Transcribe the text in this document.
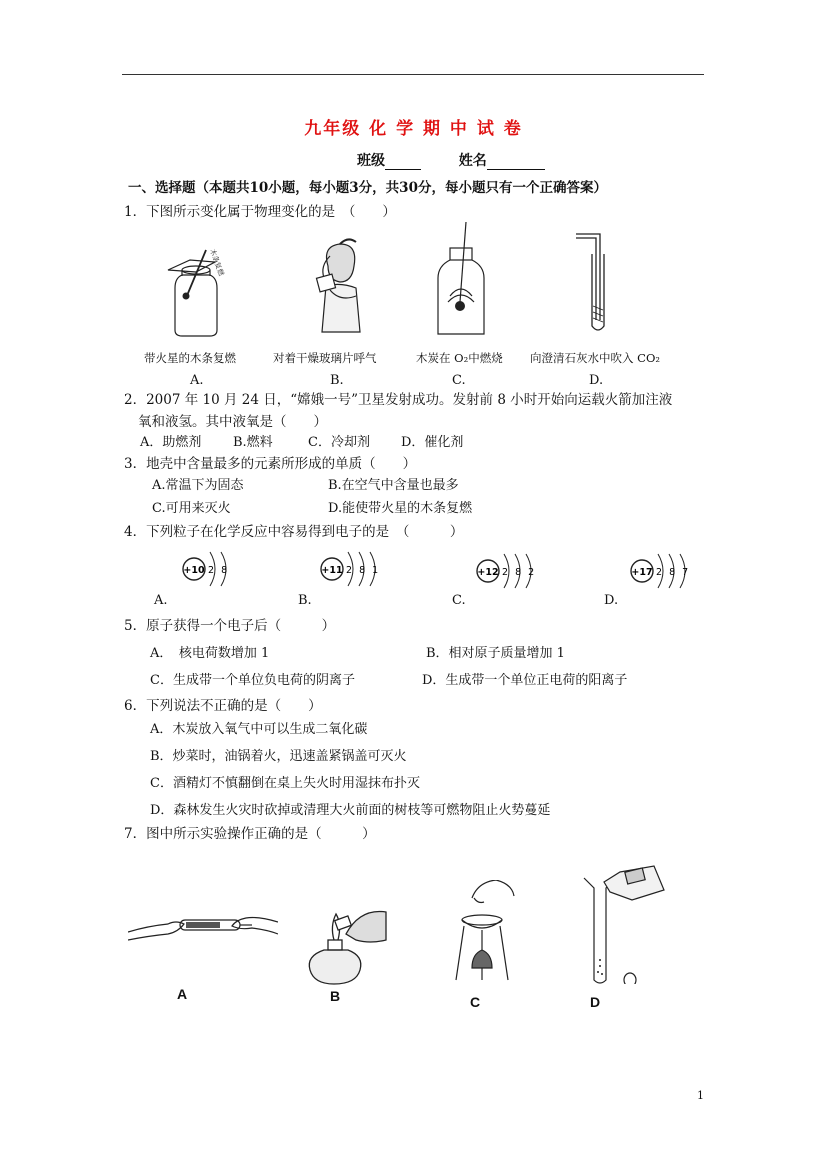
九年级 化 学 期 中 试 卷
班级	姓名
一、选择题（本题共10小题，每小题3分，共30分，每小题只有一个正确答案）
1．下图所示变化属于物理变化的是　（　　）
木条复燃
带火星的木条复燃	对着干燥玻璃片呼气	木炭在 O₂中燃烧 向澄清石灰水中吹入 CO₂
A.	B.	C.	D.
2．2007 年 10 月 24 日，“嫦娥一号”卫星发射成功。发射前 8 小时开始向运载火箭加注液
氧和液氢。其中液氧是（　　）
A．助燃剂 B.燃料	C．冷却剂 D．催化剂
3．地壳中含量最多的元素所形成的单质（　　）
A.常温下为固态	B.在空气中含量也最多
C.可用来灭火	D.能使带火星的木条复燃
4．下列粒子在化学反应中容易得到电子的是　（　　　）
+10 2 8	+11 2 8 1	+12 2 8 2	+17 2 8 7
A.	B.	C.	D.
5．原子获得一个电子后（　　　）
A．　核电荷数增加 1	B．相对原子质量增加 1
C．生成带一个单位负电荷的阴离子	D．生成带一个单位正电荷的阳离子
6．下列说法不正确的是（　　）
A．木炭放入氧气中可以生成二氧化碳
B．炒菜时，油锅着火，迅速盖紧锅盖可灭火
C．酒精灯不慎翻倒在桌上失火时用湿抹布扑灭
D．森林发生火灾时砍掉或清理大火前面的树枝等可燃物阻止火势蔓延
7．图中所示实验操作正确的是（　　　）
A	B	C	D
1
